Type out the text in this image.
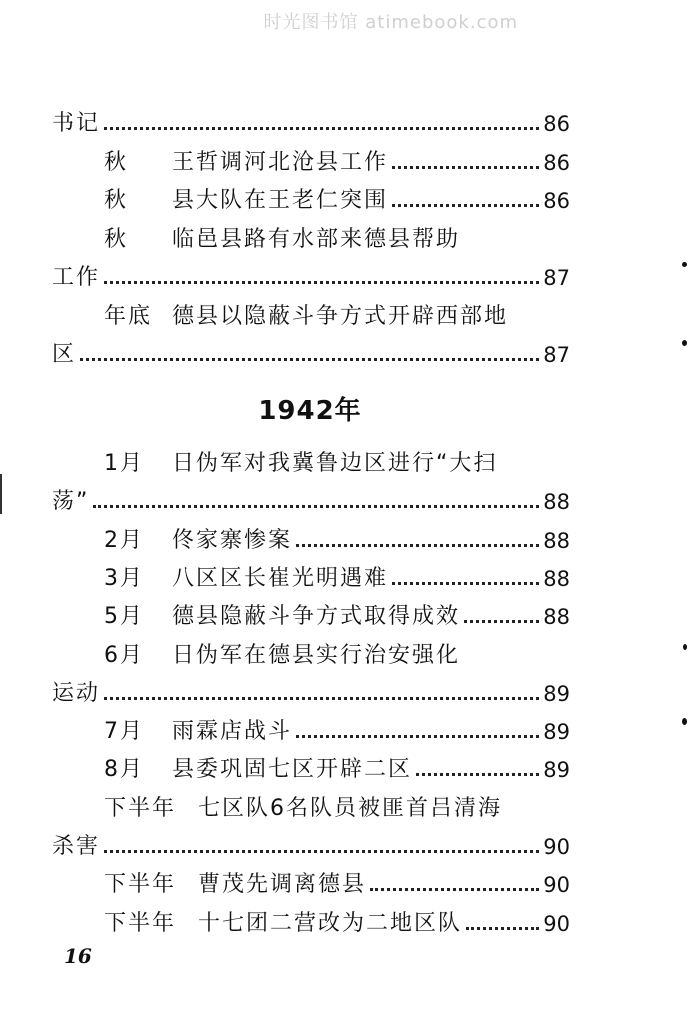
时光图书馆 atimebook.com
书记	86
秋	王哲调河北沧县工作	86
秋	县大队在王老仁突围	86
秋	临邑县路有水部来德县帮助
工作	87
年底 德县以隐蔽斗争方式开辟西部地
区	87
1月	日伪军对我冀鲁边区进行“大扫
荡”	88
2月	佟家寨惨案	88
3月	八区区长崔光明遇难	88
5月	德县隐蔽斗争方式取得成效	88
6月	日伪军在德县实行治安强化
运动	89
7月	雨霖店战斗	89
8月	县委巩固七区开辟二区	89
下半年 七区队6名队员被匪首吕清海
杀害	90
下半年 曹茂先调离德县	90
下半年 十七团二营改为二地区队	90
1942年
16
